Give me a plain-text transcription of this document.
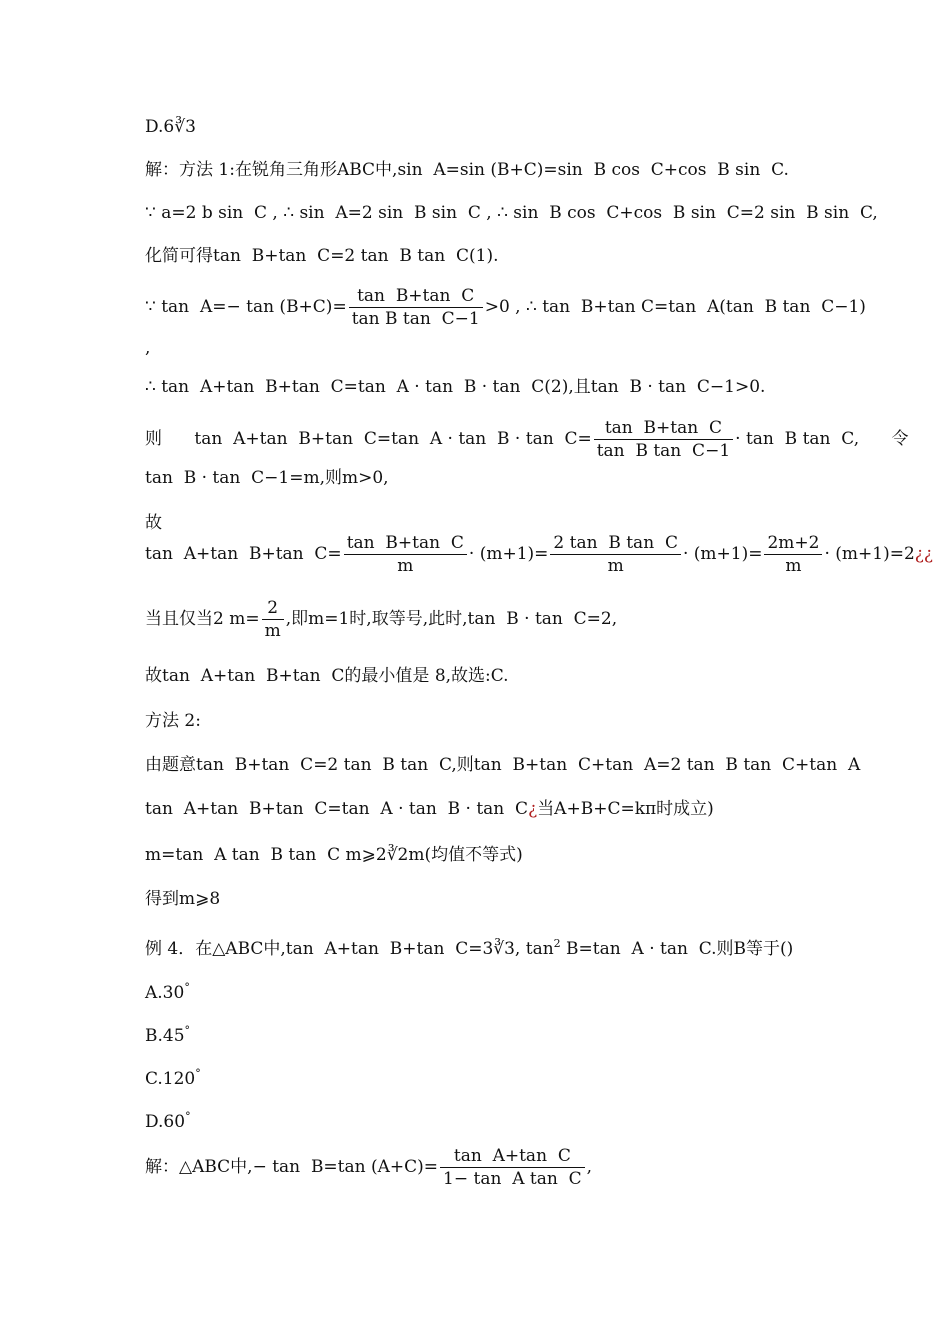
D.6∛3
解：方法 1:在锐角三角形ABC中,sin  A=sin (B+C)=sin  B cos  C+cos  B sin  C.
∵ a=2 b sin  C , ∴ sin  A=2 sin  B sin  C , ∴ sin  B cos  C+cos  B sin  C=2 sin  B sin  C,
化简可得tan  B+tan  C=2 tan  B tan  C(1).
∵ $\tan A=- \tan (B+C)= \frac{\text{tan  B+tan  C}}{\text{tan B tan  C−1}} >0$ , ∴ tan  B+tan C=tan  A(tan  B tan  C−1)
,
∴ tan  A+tan  B+tan  C=tan  A · tan  B · tan  C(2),且tan  B · tan  C−1>0.
则      tan  A+tan  B+tan  C=tan  $A \cdot \tan B \cdot \tan C= \frac{\text{tan  B+tan  C}}{\text{tan  B tan  C−1}} \cdot \tan B$ tan  C,      令
tan  B · tan  C−1=m,则m>0,
故
tan  A+tan  B+tan  $C= \frac{\text{tan  B+tan  C}}{m} \cdot (m+1)= \frac{\text{2 tan  B tan  C}}{m} \cdot (m+1)= \frac{2m+2}{m}$ · (m+1)=2¿¿
当且仅当2 $m= \frac{2}{m}$ ,即m=1时,取等号,此时,tan  B · tan  C=2,
故tan  A+tan  B+tan  C的最小值是 8,故选:C.
方法 2:
由题意tan  B+tan  C=2 tan  B tan  C,则tan  B+tan  C+tan  A=2 tan  B tan  C+tan  A
tan  A+tan  B+tan  C=tan  A · tan  B · tan  C¿当A+B+C=kπ时成立)
m=tan  A tan  B tan  C m⩾2∛2m(均值不等式)
得到m⩾8
例 4．在△ABC中,tan  A+tan  B+tan  C=3∛3, $\tan^2 B=\tan$  A · tan  C.则B等于()
A.30°
B.45°
C.120°
D.60°
解：△ABC中,− tan  B=tan $(A+C)= \frac{\text{tan  A+tan  C}}{\text{1− tan  A tan  C}}$ ,
